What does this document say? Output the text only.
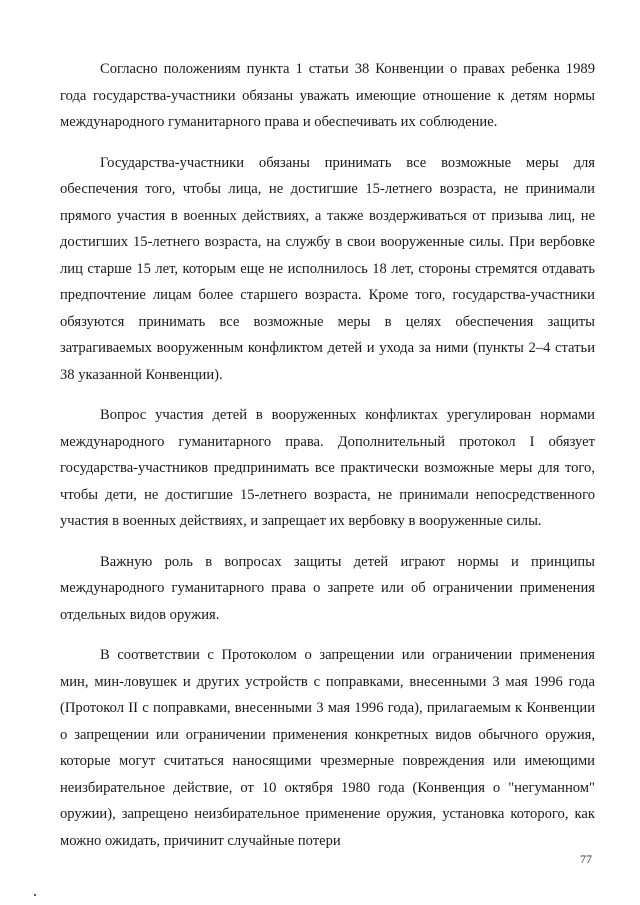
Согласно положениям пункта 1 статьи 38 Конвенции о правах ребенка 1989 года государства-участники обязаны уважать имеющие отношение к детям нормы международного гуманитарного права и обеспечивать их соблюдение.

Государства-участники обязаны принимать все возможные меры для обеспечения того, чтобы лица, не достигшие 15-летнего возраста, не принимали прямого участия в военных действиях, а также воздерживаться от призыва лиц, не достигших 15-летнего возраста, на службу в свои вооруженные силы. При вербовке лиц старше 15 лет, которым еще не исполнилось 18 лет, стороны стремятся отдавать предпочтение лицам более старшего возраста. Кроме того, государства-участники обязуются принимать все возможные меры в целях обеспечения защиты затрагиваемых вооруженным конфликтом детей и ухода за ними (пункты 2–4 статьи 38 указанной Конвенции).

Вопрос участия детей в вооруженных конфликтах урегулирован нормами международного гуманитарного права. Дополнительный протокол I обязует государства-участников предпринимать все практически возможные меры для того, чтобы дети, не достигшие 15-летнего возраста, не принимали непосредственного участия в военных действиях, и запрещает их вербовку в вооруженные силы.

Важную роль в вопросах защиты детей играют нормы и принципы международного гуманитарного права о запрете или об ограничении применения отдельных видов оружия.

В соответствии с Протоколом о запрещении или ограничении применения мин, мин-ловушек и других устройств с поправками, внесенными 3 мая 1996 года (Протокол II с поправками, внесенными 3 мая 1996 года), прилагаемым к Конвенции о запрещении или ограничении применения конкретных видов обычного оружия, которые могут считаться наносящими чрезмерные повреждения или имеющими неизбирательное действие, от 10 октября 1980 года (Конвенция о "негуманном" оружии), запрещено неизбирательное применение оружия, установка которого, как можно ожидать, причинит случайные потери

77
